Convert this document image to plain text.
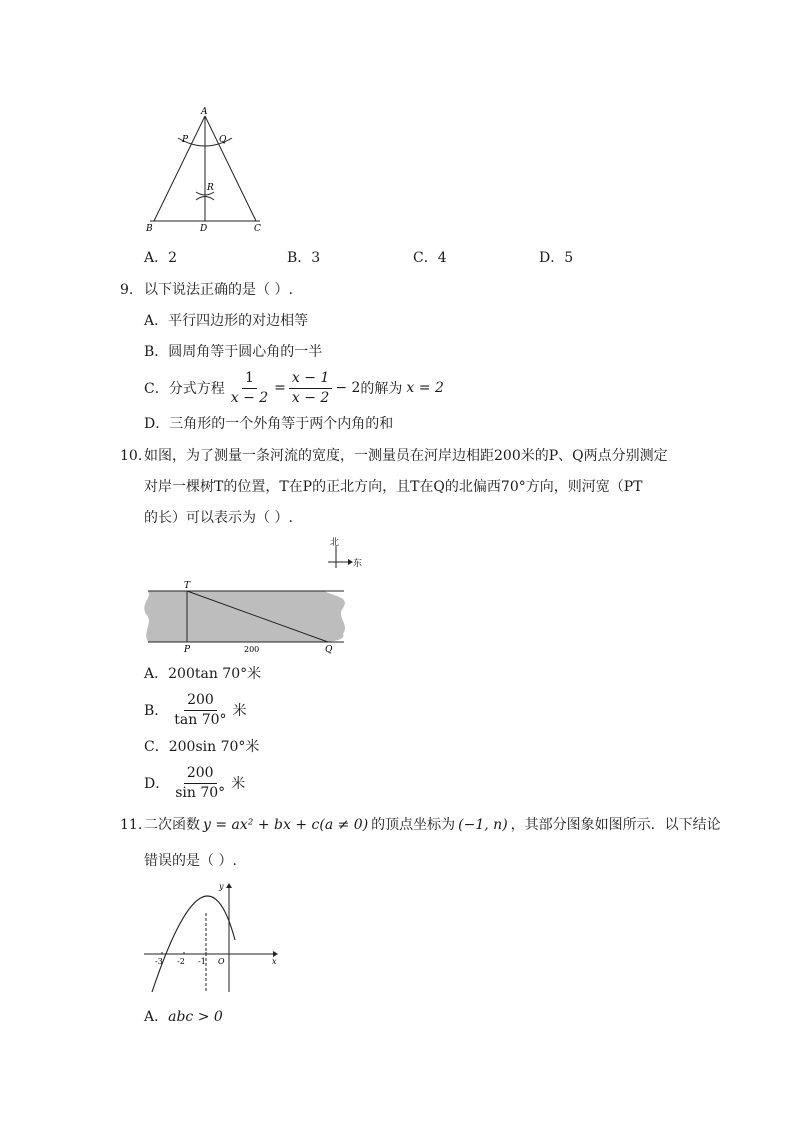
A
P	Q
R
B	D	C
A．2	B．3	C．4	D．5
9. 以下说法正确的是（ ）.
A．平行四边形的对边相等
B．圆周角等于圆心角的一半
C． 分式方程 $\frac{1}{x - 2} = \frac{x - 1}{x - 2} - 2$ 的解为 x = 2
D．三角形的一个外角等于两个内角的和
10. 如图，为了测量一条河流的宽度，一测量员在河岸边相距200米的P、Q两点分别测定
对岸一棵树T的位置，T在P的正北方向，且T在Q的北偏西70°方向，则河宽（PT
的长）可以表示为（ ）.
北
东
T
P	Q
200
A．200tan 70°米
B． $\frac{200}{\tan 70^\circ}$ 米
C．200sin 70°米
D． $\frac{200}{\sin 70^\circ}$ 米
11. 二次函数 y = ax² + bx + c(a ≠ 0) 的顶点坐标为 (−1, n) ，其部分图象如图所示．以下结论
错误的是（ ）.
-3 -2 -1 O	x
y
A．abc > 0
